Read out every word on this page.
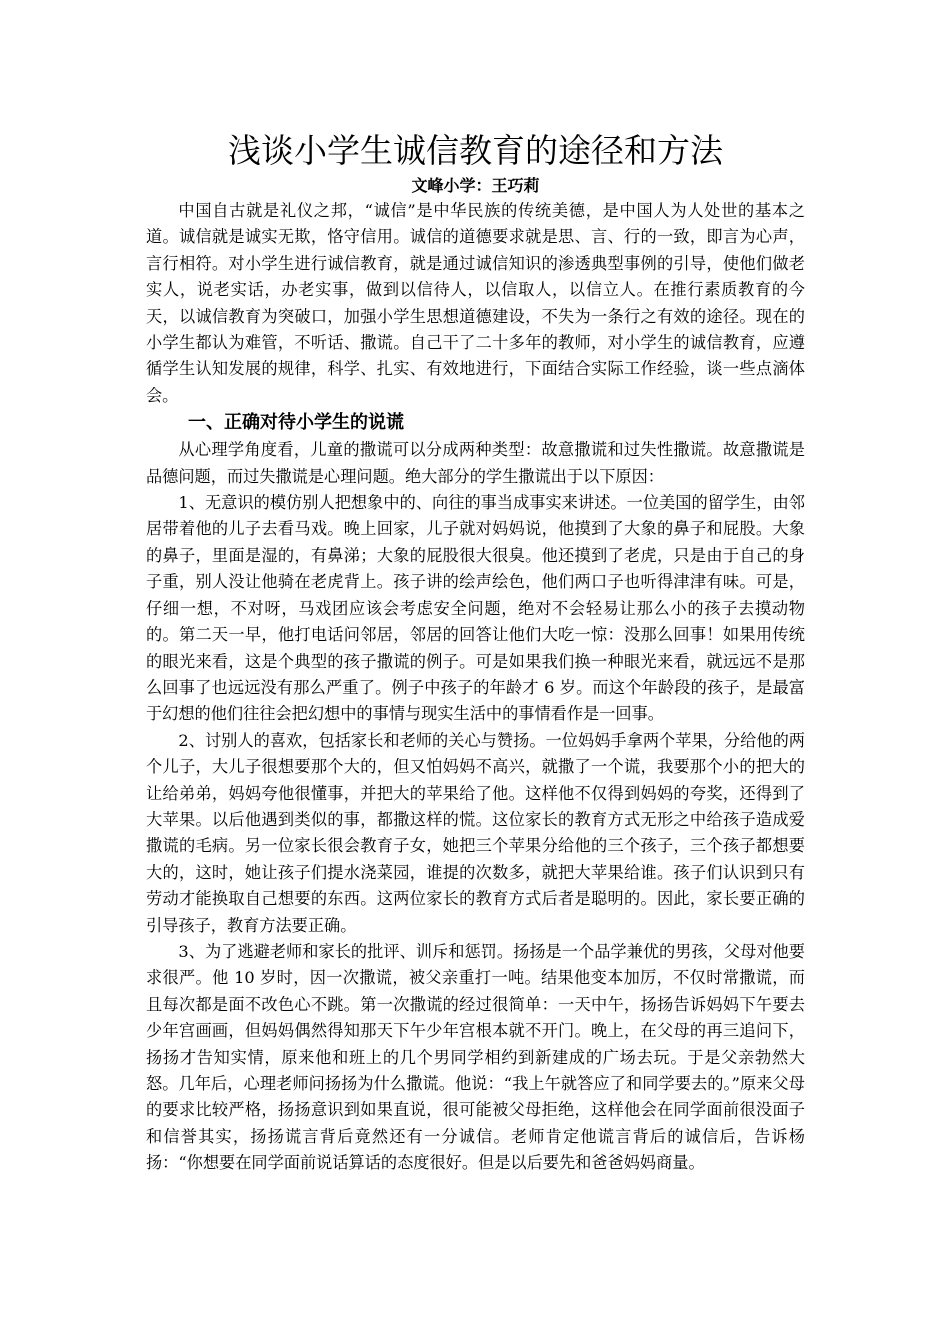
浅谈小学生诚信教育的途径和方法
文峰小学：王巧莉

中国自古就是礼仪之邦，“诚信”是中华民族的传统美德，是中国人为人处世的基本之道。诚信就是诚实无欺，恪守信用。诚信的道德要求就是思、言、行的一致，即言为心声，言行相符。对小学生进行诚信教育，就是通过诚信知识的渗透典型事例的引导，使他们做老实人，说老实话，办老实事，做到以信待人，以信取人，以信立人。在推行素质教育的今天，以诚信教育为突破口，加强小学生思想道德建设，不失为一条行之有效的途径。现在的小学生都认为难管，不听话、撒谎。自己干了二十多年的教师，对小学生的诚信教育，应遵循学生认知发展的规律，科学、扎实、有效地进行，下面结合实际工作经验，谈一些点滴体会。

一、正确对待小学生的说谎

从心理学角度看，儿童的撒谎可以分成两种类型：故意撒谎和过失性撒谎。故意撒谎是品德问题，而过失撒谎是心理问题。绝大部分的学生撒谎出于以下原因：

1、无意识的模仿别人把想象中的、向往的事当成事实来讲述。一位美国的留学生，由邻居带着他的儿子去看马戏。晚上回家，儿子就对妈妈说，他摸到了大象的鼻子和屁股。大象的鼻子，里面是湿的，有鼻涕；大象的屁股很大很臭。他还摸到了老虎，只是由于自己的身子重，别人没让他骑在老虎背上。孩子讲的绘声绘色，他们两口子也听得津津有味。可是，仔细一想，不对呀，马戏团应该会考虑安全问题，绝对不会轻易让那么小的孩子去摸动物的。第二天一早，他打电话问邻居，邻居的回答让他们大吃一惊：没那么回事！如果用传统的眼光来看，这是个典型的孩子撒谎的例子。可是如果我们换一种眼光来看，就远远不是那么回事了也远远没有那么严重了。例子中孩子的年龄才 6 岁。而这个年龄段的孩子，是最富于幻想的他们往往会把幻想中的事情与现实生活中的事情看作是一回事。

2、讨别人的喜欢，包括家长和老师的关心与赞扬。一位妈妈手拿两个苹果，分给他的两个儿子，大儿子很想要那个大的，但又怕妈妈不高兴，就撒了一个谎，我要那个小的把大的让给弟弟，妈妈夸他很懂事，并把大的苹果给了他。这样他不仅得到妈妈的夸奖，还得到了大苹果。以后他遇到类似的事，都撒这样的慌。这位家长的教育方式无形之中给孩子造成爱撒谎的毛病。另一位家长很会教育子女，她把三个苹果分给他的三个孩子，三个孩子都想要大的，这时，她让孩子们提水浇菜园，谁提的次数多，就把大苹果给谁。孩子们认识到只有劳动才能换取自己想要的东西。这两位家长的教育方式后者是聪明的。因此，家长要正确的引导孩子，教育方法要正确。

3、为了逃避老师和家长的批评、训斥和惩罚。扬扬是一个品学兼优的男孩，父母对他要求很严。他 10 岁时，因一次撒谎，被父亲重打一吨。结果他变本加厉，不仅时常撒谎，而且每次都是面不改色心不跳。第一次撒谎的经过很简单：一天中午，扬扬告诉妈妈下午要去少年宫画画，但妈妈偶然得知那天下午少年宫根本就不开门。晚上，在父母的再三追问下，扬扬才告知实情，原来他和班上的几个男同学相约到新建成的广场去玩。于是父亲勃然大怒。几年后，心理老师问扬扬为什么撒谎。他说：“我上午就答应了和同学要去的。”原来父母的要求比较严格，扬扬意识到如果直说，很可能被父母拒绝，这样他会在同学面前很没面子和信誉其实，扬扬谎言背后竟然还有一分诚信。老师肯定他谎言背后的诚信后，告诉杨扬：“你想要在同学面前说话算话的态度很好。但是以后要先和爸爸妈妈商量。
